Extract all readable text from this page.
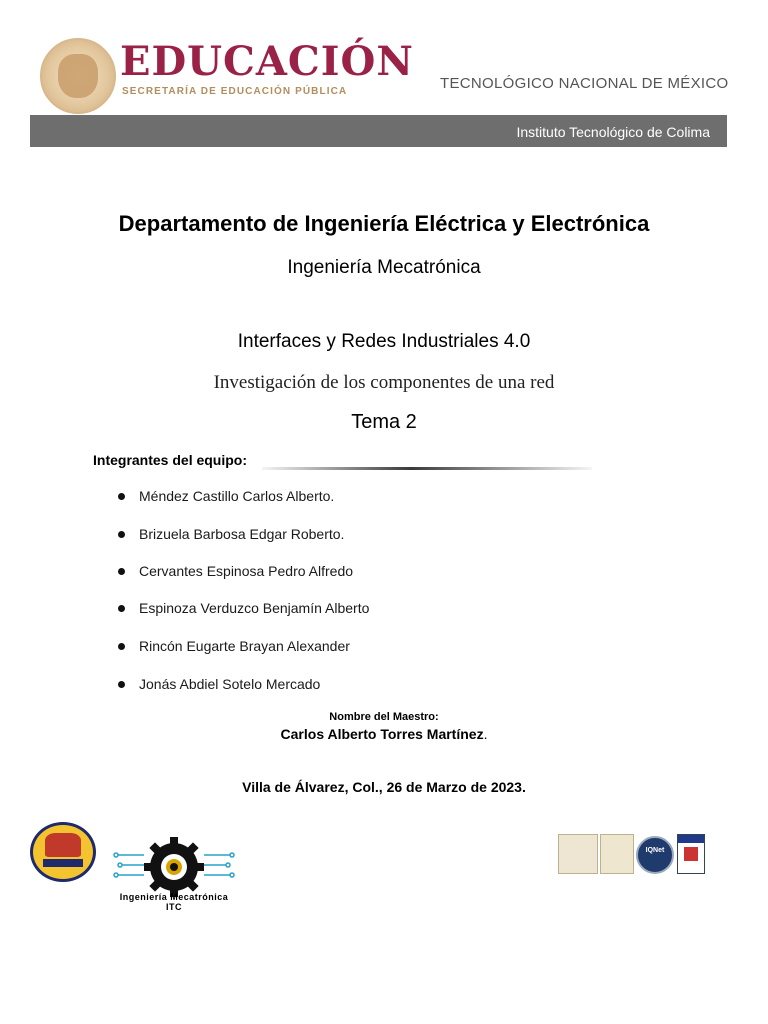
EDUCACIÓN
SECRETARÍA DE EDUCACIÓN PÚBLICA	TECNOLÓGICO NACIONAL DE MÉXICO
Instituto Tecnológico de Colima
Departamento de Ingeniería Eléctrica y Electrónica
Ingeniería Mecatrónica
Interfaces y Redes Industriales 4.0
Investigación de los componentes de una red
Tema 2
Integrantes del equipo:
Méndez Castillo Carlos Alberto.
Brizuela Barbosa Edgar Roberto.
Cervantes Espinosa Pedro Alfredo
Espinoza Verduzco Benjamín Alberto
Rincón Eugarte Brayan Alexander
Jonás Abdiel Sotelo Mercado
Nombre del Maestro:
Carlos Alberto Torres Martínez.
Villa de Álvarez, Col., 26 de Marzo de 2023.
Ingeniería Mecatrónica
ITC
IQNet
